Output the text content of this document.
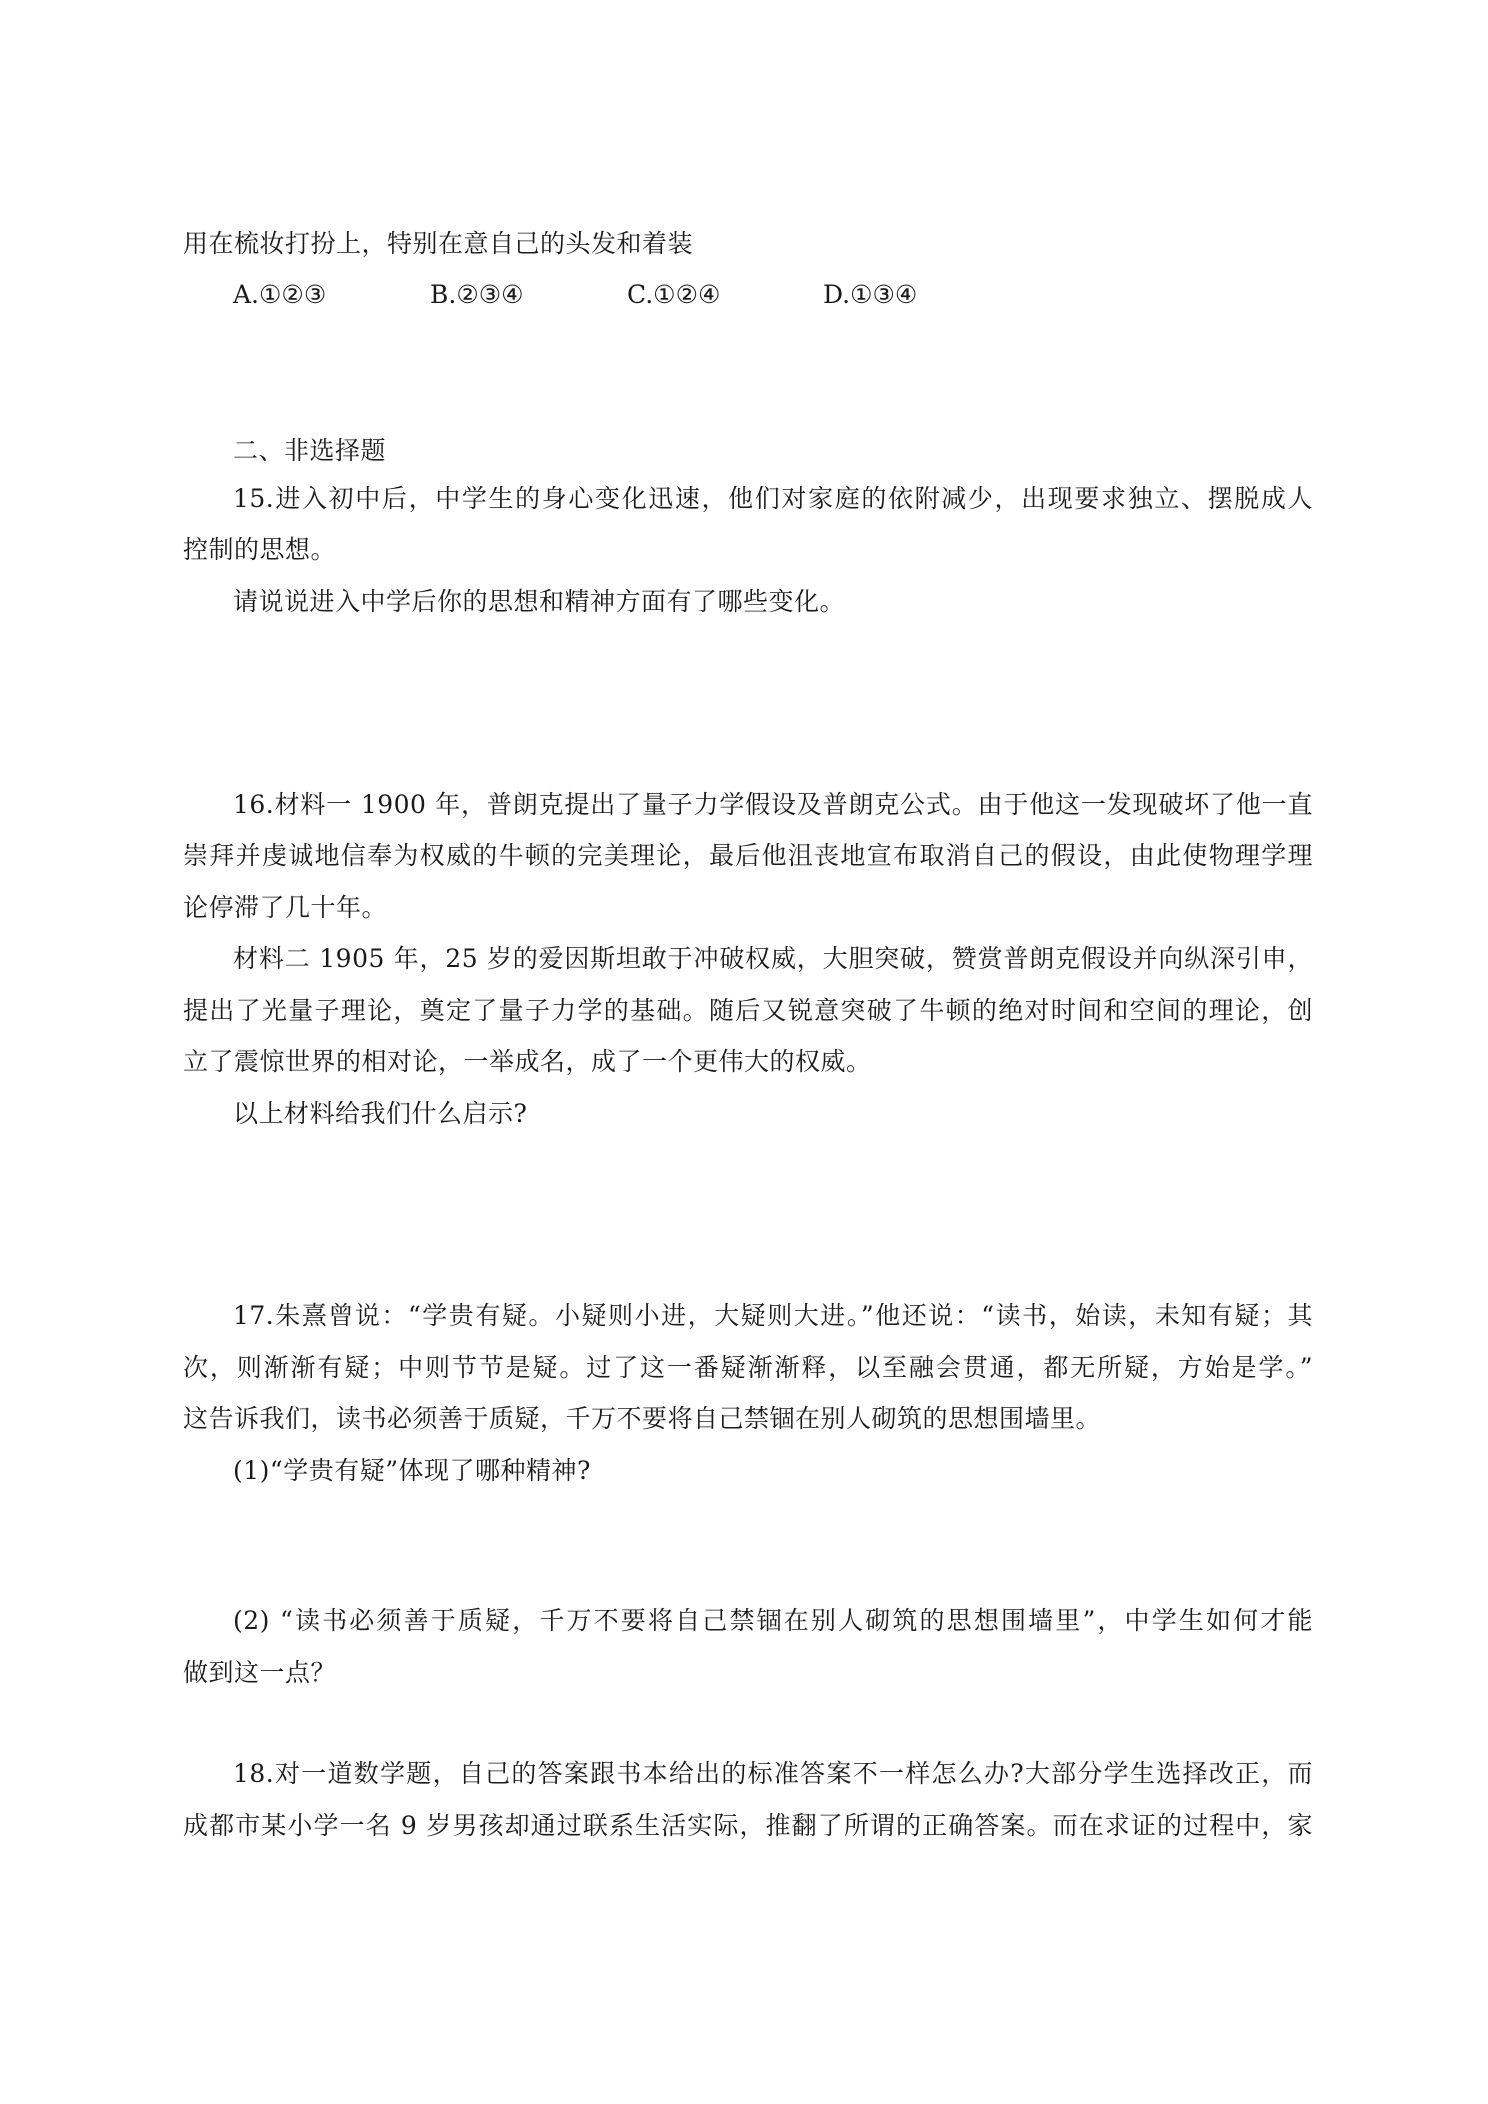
用在梳妆打扮上，特别在意自己的头发和着装
A.①②③	B.②③④	C.①②④	D.①③④
二、非选择题
15.进入初中后，中学生的身心变化迅速，他们对家庭的依附减少，出现要求独立、摆脱成人
控制的思想。
请说说进入中学后你的思想和精神方面有了哪些变化。
16.材料一 1900 年，普朗克提出了量子力学假设及普朗克公式。由于他这一发现破坏了他一直
崇拜并虔诚地信奉为权威的牛顿的完美理论，最后他沮丧地宣布取消自己的假设，由此使物理学理
论停滞了几十年。
材料二 1905 年，25 岁的爱因斯坦敢于冲破权威，大胆突破，赞赏普朗克假设并向纵深引申，
提出了光量子理论，奠定了量子力学的基础。随后又锐意突破了牛顿的绝对时间和空间的理论，创
立了震惊世界的相对论，一举成名，成了一个更伟大的权威。
以上材料给我们什么启示?
17.朱熹曾说：“学贵有疑。小疑则小进，大疑则大进。”他还说：“读书，始读，未知有疑；其
次，则渐渐有疑；中则节节是疑。过了这一番疑渐渐释，以至融会贯通，都无所疑，方始是学。”
这告诉我们，读书必须善于质疑，千万不要将自己禁锢在别人砌筑的思想围墙里。
(1)“学贵有疑”体现了哪种精神?
(2) “读书必须善于质疑，千万不要将自己禁锢在别人砌筑的思想围墙里”，中学生如何才能
做到这一点？
18.对一道数学题，自己的答案跟书本给出的标准答案不一样怎么办?大部分学生选择改正，而
成都市某小学一名 9 岁男孩却通过联系生活实际，推翻了所谓的正确答案。而在求证的过程中，家
